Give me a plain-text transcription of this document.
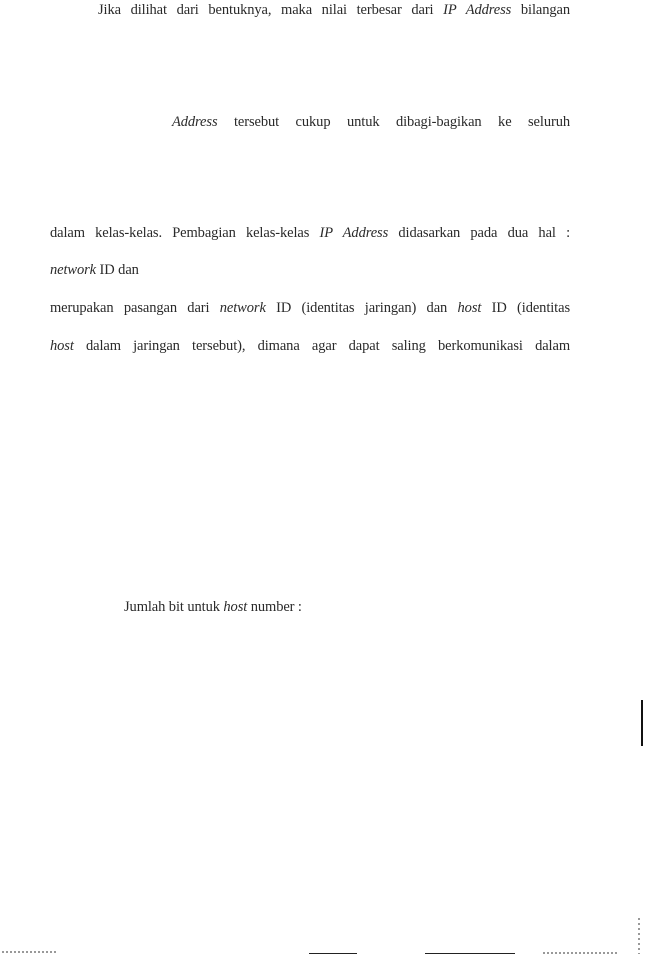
Jika dilihat dari bentuknya, maka nilai terbesar dari IP Address bilangan
Address tersebut cukup untuk dibagi-bagikan ke seluruh
dalam kelas-kelas. Pembagian kelas-kelas IP Address didasarkan pada dua hal :
network ID dan
merupakan pasangan dari network ID (identitas jaringan) dan host ID (identitas
host dalam jaringan tersebut), dimana agar dapat saling berkomunikasi dalam
Jumlah bit untuk host number :
